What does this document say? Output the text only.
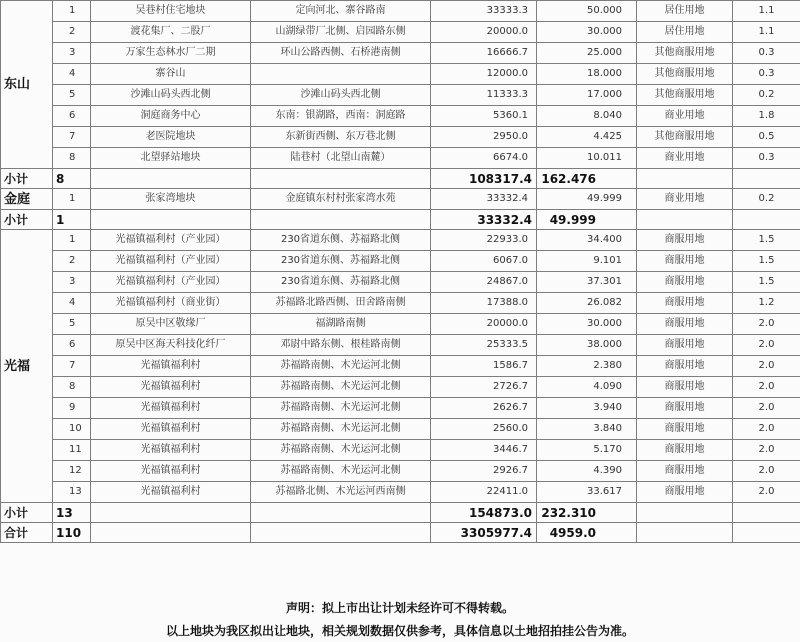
东山	1	吴巷村住宅地块	定向河北、寨谷路南	33333.3	50.000	居住用地	1.1
	2	渡花集厂、二股厂	山湖绿带厂北侧、启园路东侧	20000.0	30.000	居住用地	1.1
	3	万家生态林水厂二期	环山公路西侧、石桥港南侧	16666.7	25.000	其他商服用地	0.3
	4	寨谷山		12000.0	18.000	其他商服用地	0.3
	5	沙滩山码头西北侧	沙滩山码头西北侧	11333.3	17.000	其他商服用地	0.2
	6	洞庭商务中心	东南：银湖路，西南：洞庭路	5360.1	8.040	商业用地	1.8
	7	老医院地块	东新街西侧、东万巷北侧	2950.0	4.425	其他商服用地	0.5
	8	北望驿站地块	陆巷村（北望山南麓）	6674.0	10.011	商业用地	0.3
小计	8			108317.4	162.476		
金庭	1	张家湾地块	金庭镇东村村张家湾水苑	33332.4	49.999	商业用地	0.2
小计	1			33332.4	49.999		
光福	1	光福镇福利村（产业园）	230省道东侧、苏福路北侧	22933.0	34.400	商服用地	1.5
	2	光福镇福利村（产业园）	230省道东侧、苏福路北侧	6067.0	9.101	商服用地	1.5
	3	光福镇福利村（产业园）	230省道东侧、苏福路北侧	24867.0	37.301	商服用地	1.5
	4	光福镇福利村（商业街）	苏福路北路西侧、田舍路南侧	17388.0	26.082	商服用地	1.2
	5	原吴中区敬缘厂	福湖路南侧	20000.0	30.000	商服用地	2.0
	6	原吴中区海天科技化纤厂	邓尉中路东侧、根桂路南侧	25333.5	38.000	商服用地	2.0
	7	光福镇福利村	苏福路南侧、木光运河北侧	1586.7	2.380	商服用地	2.0
	8	光福镇福利村	苏福路南侧、木光运河北侧	2726.7	4.090	商服用地	2.0
	9	光福镇福利村	苏福路南侧、木光运河北侧	2626.7	3.940	商服用地	2.0
	10	光福镇福利村	苏福路南侧、木光运河北侧	2560.0	3.840	商服用地	2.0
	11	光福镇福利村	苏福路南侧、木光运河北侧	3446.7	5.170	商服用地	2.0
	12	光福镇福利村	苏福路南侧、木光运河北侧	2926.7	4.390	商服用地	2.0
	13	光福镇福利村	苏福路北侧、木光运河西南侧	22411.0	33.617	商服用地	2.0
小计	13			154873.0	232.310		
合计	110			3305977.4	4959.0		
声明：拟上市出让计划未经许可不得转载。
以上地块为我区拟出让地块，相关规划数据仅供参考，具体信息以土地招拍挂公告为准。
